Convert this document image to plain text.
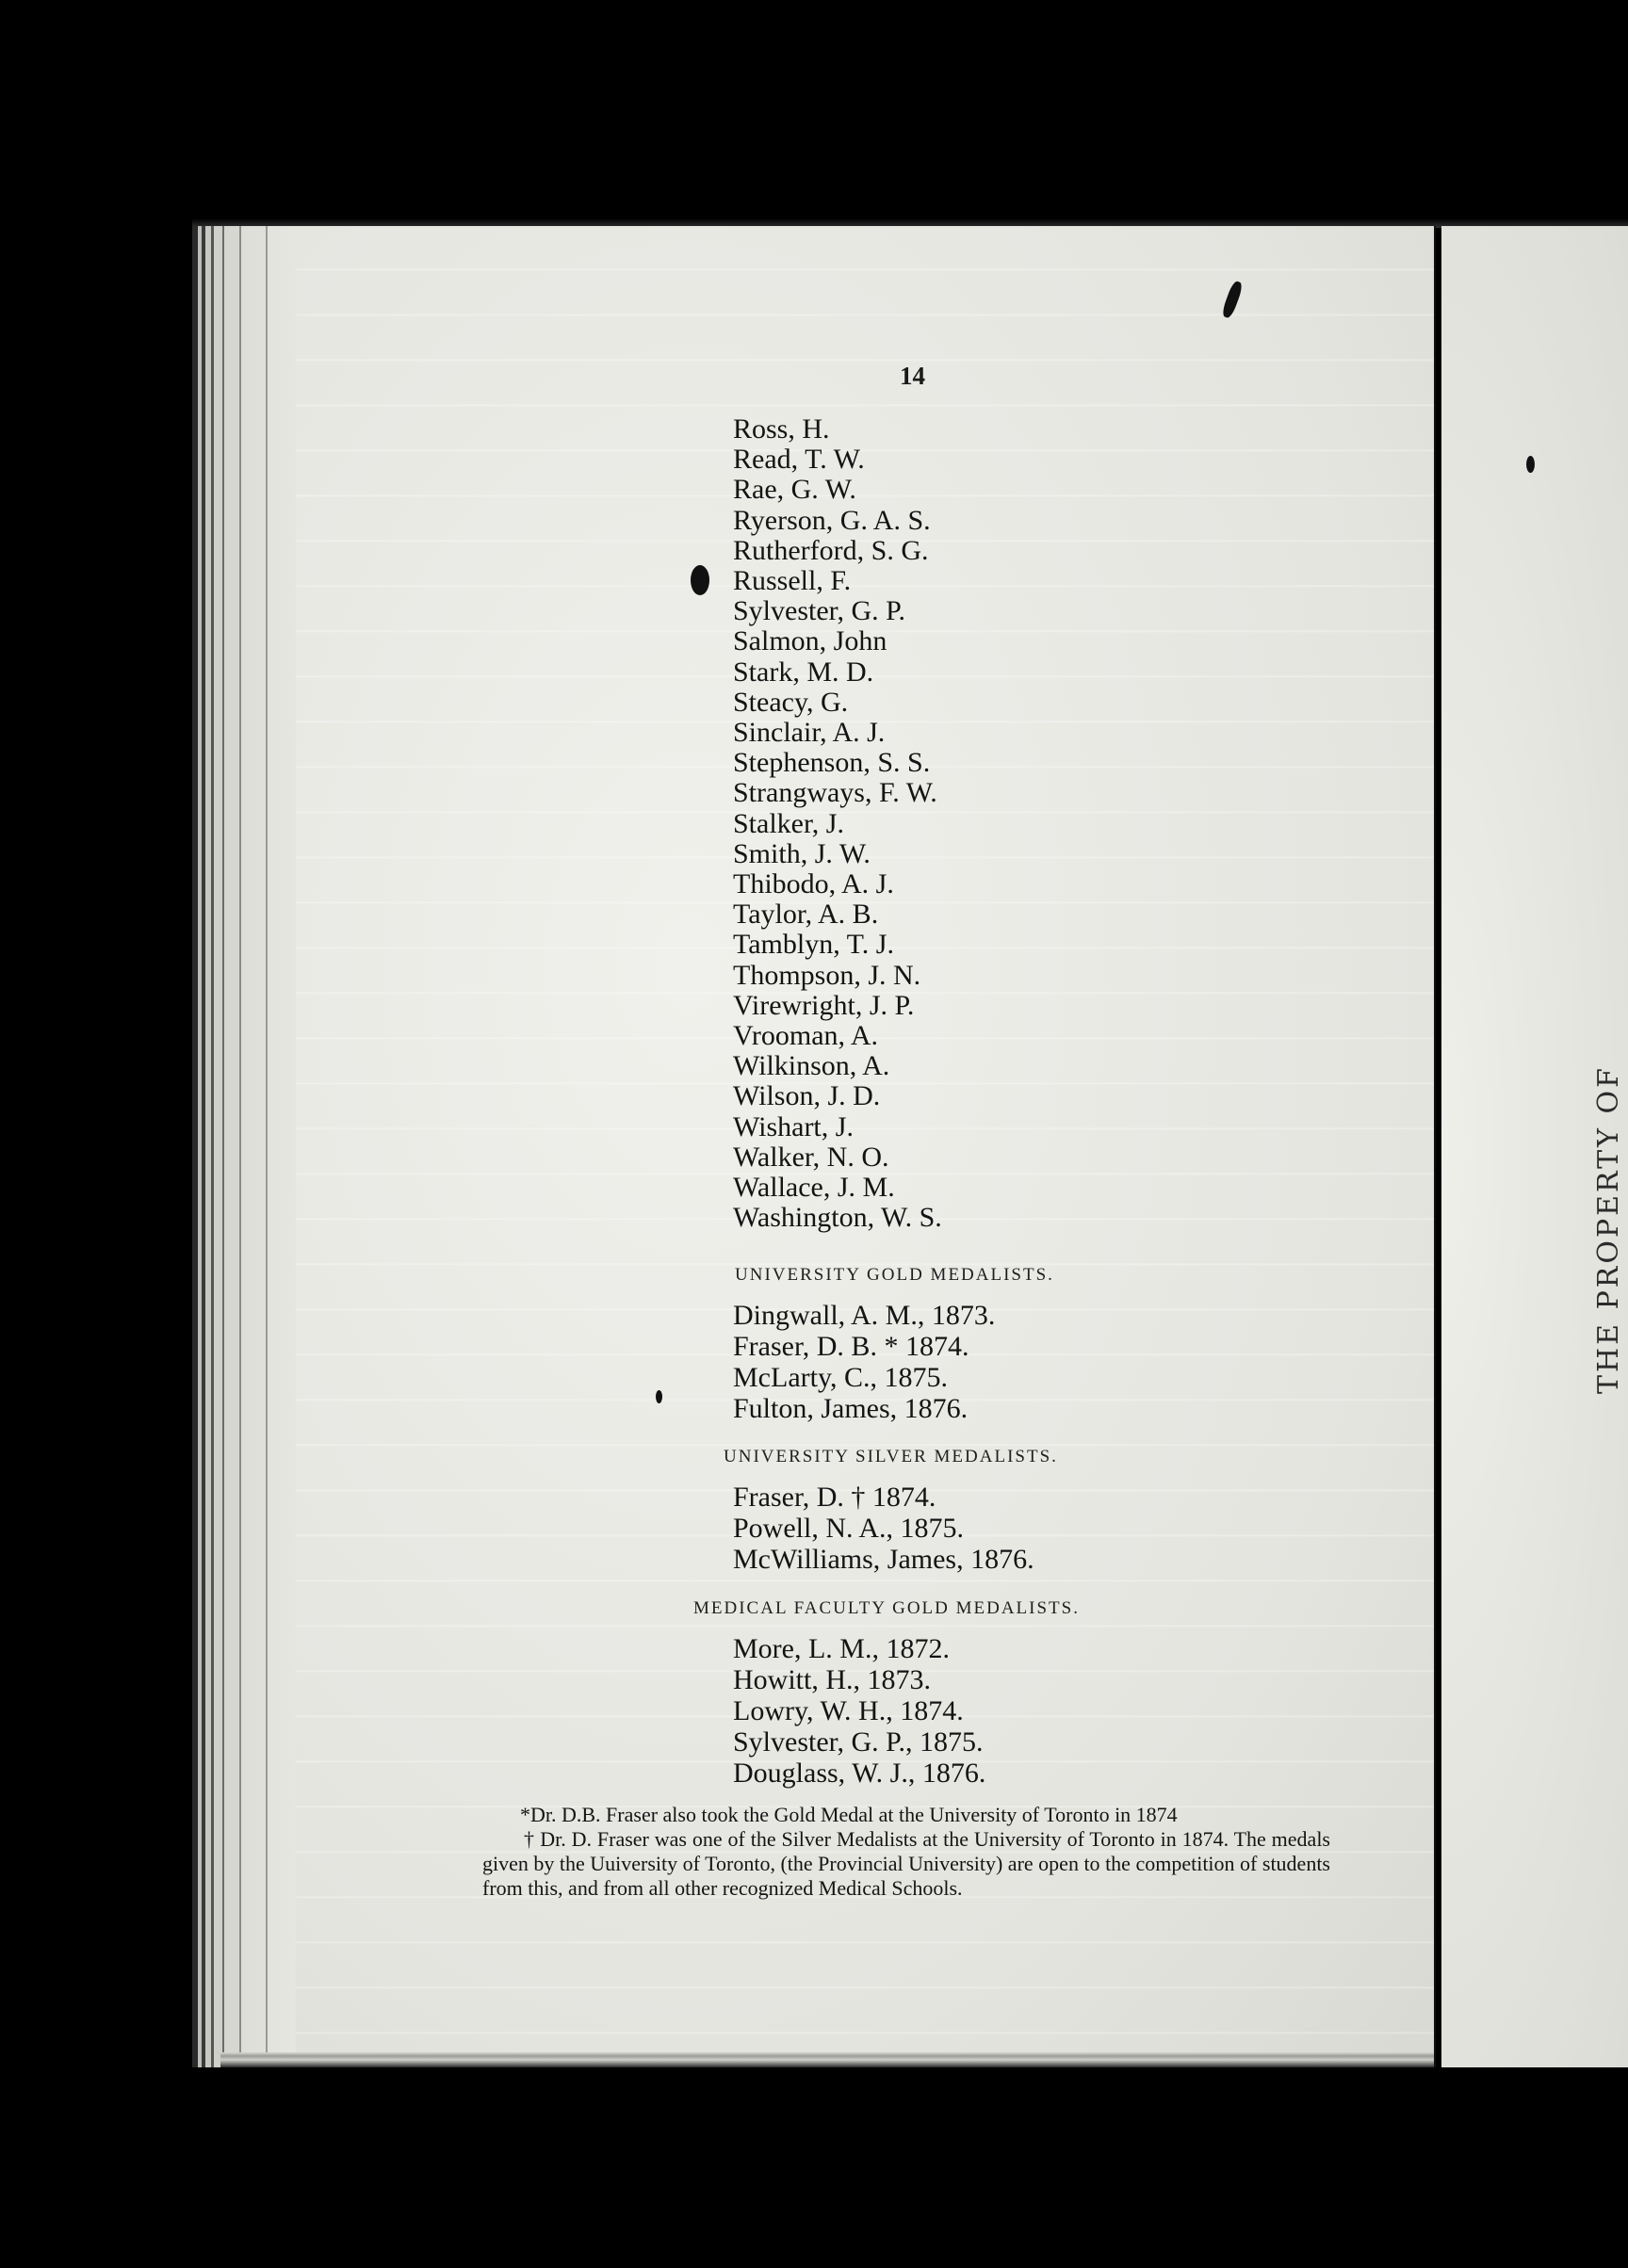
THE PROPERTY OF
14
Ross, H.
Read, T. W.
Rae, G. W.
Ryerson, G. A. S.
Rutherford, S. G.
Russell, F.
Sylvester, G. P.
Salmon, John
Stark, M. D.
Steacy, G.
Sinclair, A. J.
Stephenson, S. S.
Strangways, F. W.
Stalker, J.
Smith, J. W.
Thibodo, A. J.
Taylor, A. B.
Tamblyn, T. J.
Thompson, J. N.
Virewright, J. P.
Vrooman, A.
Wilkinson, A.
Wilson, J. D.
Wishart, J.
Walker, N. O.
Wallace, J. M.
Washington, W. S.
UNIVERSITY GOLD MEDALISTS.
Dingwall, A. M., 1873.
Fraser, D. B. * 1874.
McLarty, C., 1875.
Fulton, James, 1876.
UNIVERSITY SILVER MEDALISTS.
Fraser, D. † 1874.
Powell, N. A., 1875.
McWilliams, James, 1876.
MEDICAL FACULTY GOLD MEDALISTS.
More, L. M., 1872.
Howitt, H., 1873.
Lowry, W. H., 1874.
Sylvester, G. P., 1875.
Douglass, W. J., 1876.

*Dr. D.B. Fraser also took the Gold Medal at the University of Toronto in 1874

† Dr. D. Fraser was one of the Silver Medalists at the University of Toronto in 1874. The medals given by the Uuiversity of Toronto, (the Provincial University) are open to the competition of students from this, and from all other recognized Medical Schools.
